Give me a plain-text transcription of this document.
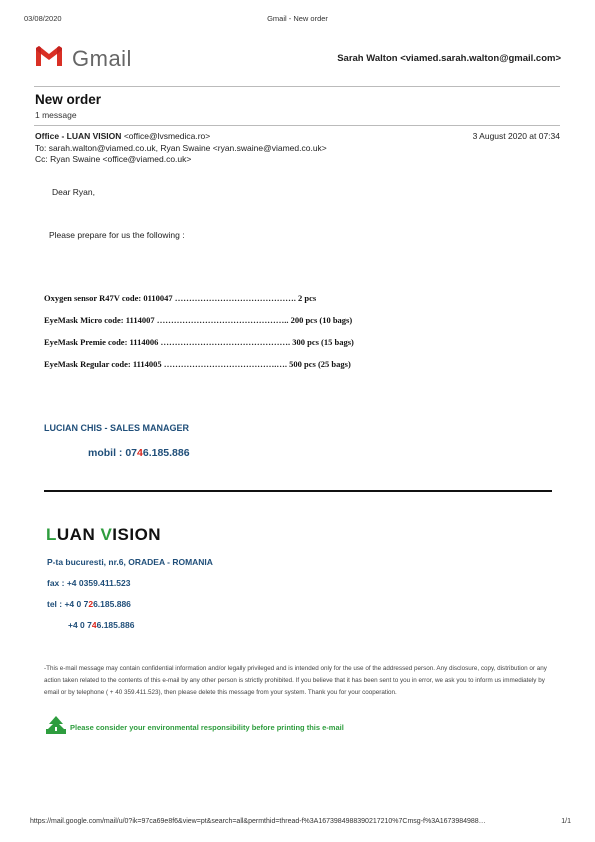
03/08/2020	Gmail - New order
Gmail	Sarah Walton <viamed.sarah.walton@gmail.com>
New order
1 message
Office - LUAN VISION <office@lvsmedica.ro>	3 August 2020 at 07:34
To: sarah.walton@viamed.co.uk, Ryan Swaine <ryan.swaine@viamed.co.uk>
Cc: Ryan Swaine <office@viamed.co.uk>
Dear Ryan,
Please prepare for us the following :
Oxygen sensor R47V code: 0110047 ……………………………………. 2 pcs
EyeMask Micro code: 1114007 ……………………………………….. 200 pcs (10 bags)
EyeMask Premie code: 1114006 ………………………………………. 300 pcs (15 bags)
EyeMask Regular code: 1114005 ………………………………….…. 500 pcs (25 bags)
LUCIAN CHIS - SALES MANAGER
mobil : 0746.185.886
LUAN VISION
P-ta bucuresti, nr.6, ORADEA - ROMANIA
fax : +4 0359.411.523
tel : +4 0 726.185.886
+4 0 746.185.886
-This e-mail message may contain confidential information and/or legally privileged and is intended only for the use of the addressed person. Any disclosure, copy, distribution or any action taken related to the contents of this e-mail by any other person is strictly prohibited. If you believe that it has been sent to you in error, we ask you to inform us immediately by email or by telephone ( + 40 359.411.523), then please delete this message from your system. Thank you for your cooperation.
Please consider your environmental responsibility before printing this e-mail
https://mail.google.com/mail/u/0?ik=97ca69e8f6&view=pt&search=all&permthid=thread-f%3A1673984988390217210%7Cmsg-f%3A1673984988…	1/1
